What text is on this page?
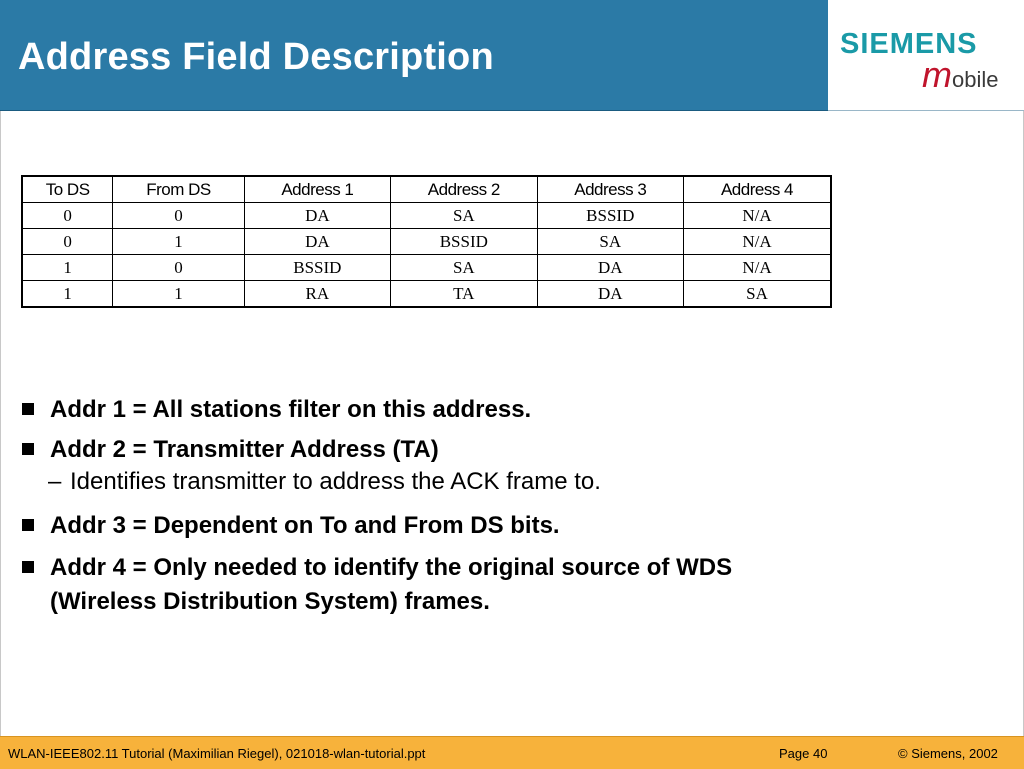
Address Field Description	SIEMENS
mobile
To DS	From DS	Address 1	Address 2	Address 3	Address 4
0	0	DA	SA	BSSID	N/A
0	1	DA	BSSID	SA	N/A
1	0	BSSID	SA	DA	N/A
1	1	RA	TA	DA	SA
Addr 1 = All stations filter on this address.
Addr 2 = Transmitter Address (TA)
– Identifies transmitter to address the ACK frame to.
Addr 3 = Dependent on To and From DS bits.
Addr 4 = Only needed to identify the original source of WDS (Wireless Distribution System) frames.
WLAN-IEEE802.11 Tutorial (Maximilian Riegel), 021018-wlan-tutorial.ppt	Page 40	© Siemens, 2002
